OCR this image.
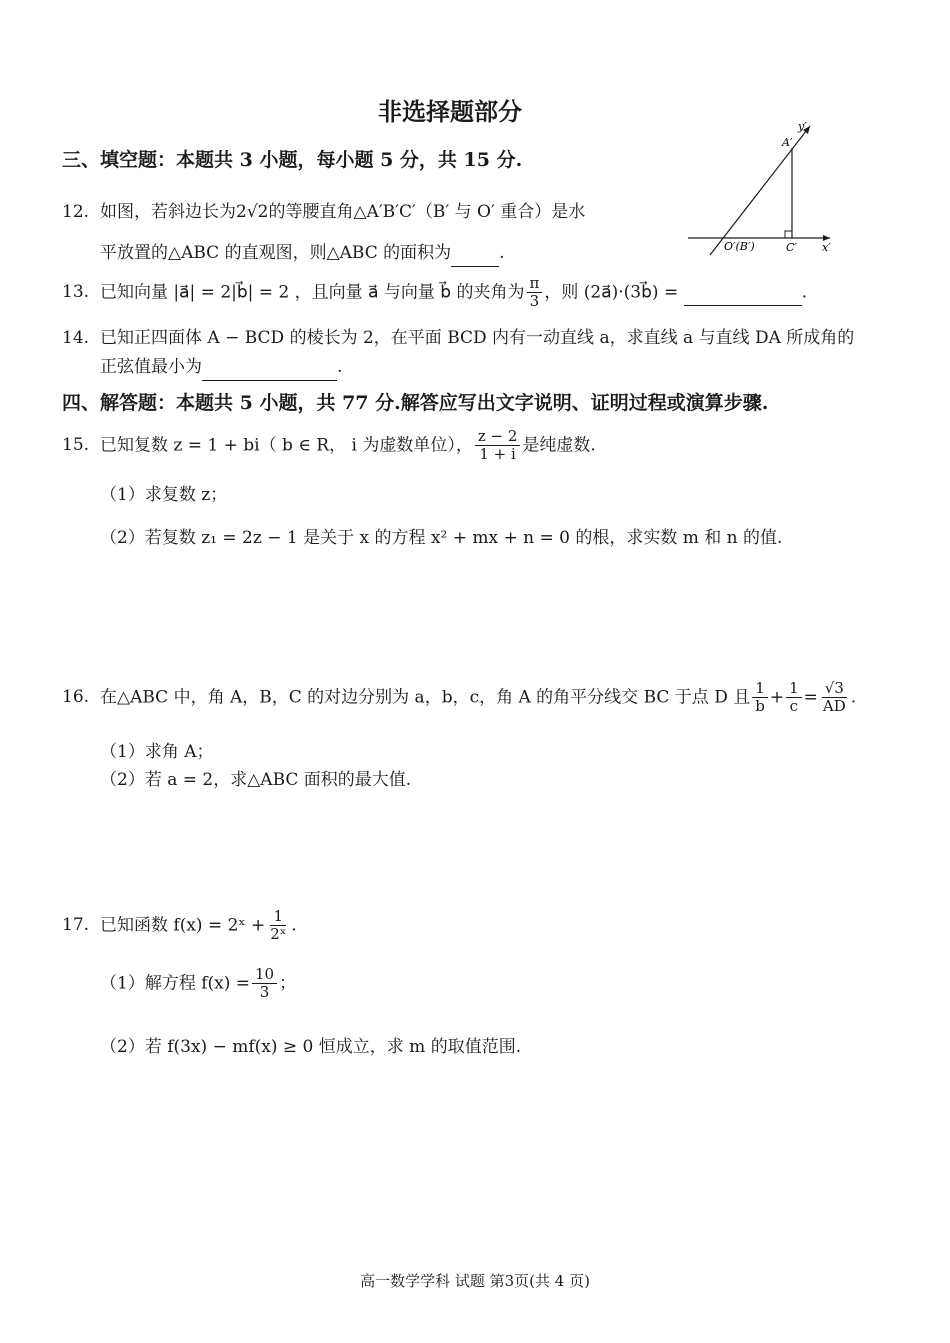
非选择题部分
y′
A′
O′(B′)	C′ x′
三、填空题：本题共 3 小题，每小题 5 分，共 15 分.
12. 如图，若斜边长为2√2的等腰直角△A′B′C′（B′ 与 O′ 重合）是水
平放置的△ABC 的直观图，则△ABC 的面积为	.
13. 已知向量 |a⃗| = 2|b⃗| = 2 ，且向量 a⃗ 与向量 b⃗ 的夹角为 $\frac{\pi}{3}$ ，则 (2a⃗)·(3b⃗) =	.
14. 已知正四面体 A − BCD 的棱长为 2，在平面 BCD 内有一动直线 a，求直线 a 与直线 DA 所成角的
正弦值最小为	.
四、解答题：本题共 5 小题，共 77 分.解答应写出文字说明、证明过程或演算步骤.
15. 已知复数 z = 1 + bi（ b ∈ R， i 为虚数单位）， $\frac{z - 2}{1 + i}$ 是纯虚数.
（1）求复数 z；
（2）若复数 z₁ = 2z − 1 是关于 x 的方程 x² + mx + n = 0 的根，求实数 m 和 n 的值.
16. 在△ABC 中，角 A，B，C 的对边分别为 a，b，c，角 A 的角平分线交 BC 于点 D 且 $\frac{1}{b} + \frac{1}{c} = \frac{√3}{AD}$ .
（1）求角 A；
（2）若 a = 2，求△ABC 面积的最大值.
17. 已知函数 f(x) = 2ˣ + $\frac{1}{\text{2ˣ}}$ .
（1）解方程 $f(x) = \frac{10}{3}$ ；
（2）若 f(3x) − mf(x) ≥ 0 恒成立，求 m 的取值范围.
高一数学学科 试题 第3页(共 4 页)
